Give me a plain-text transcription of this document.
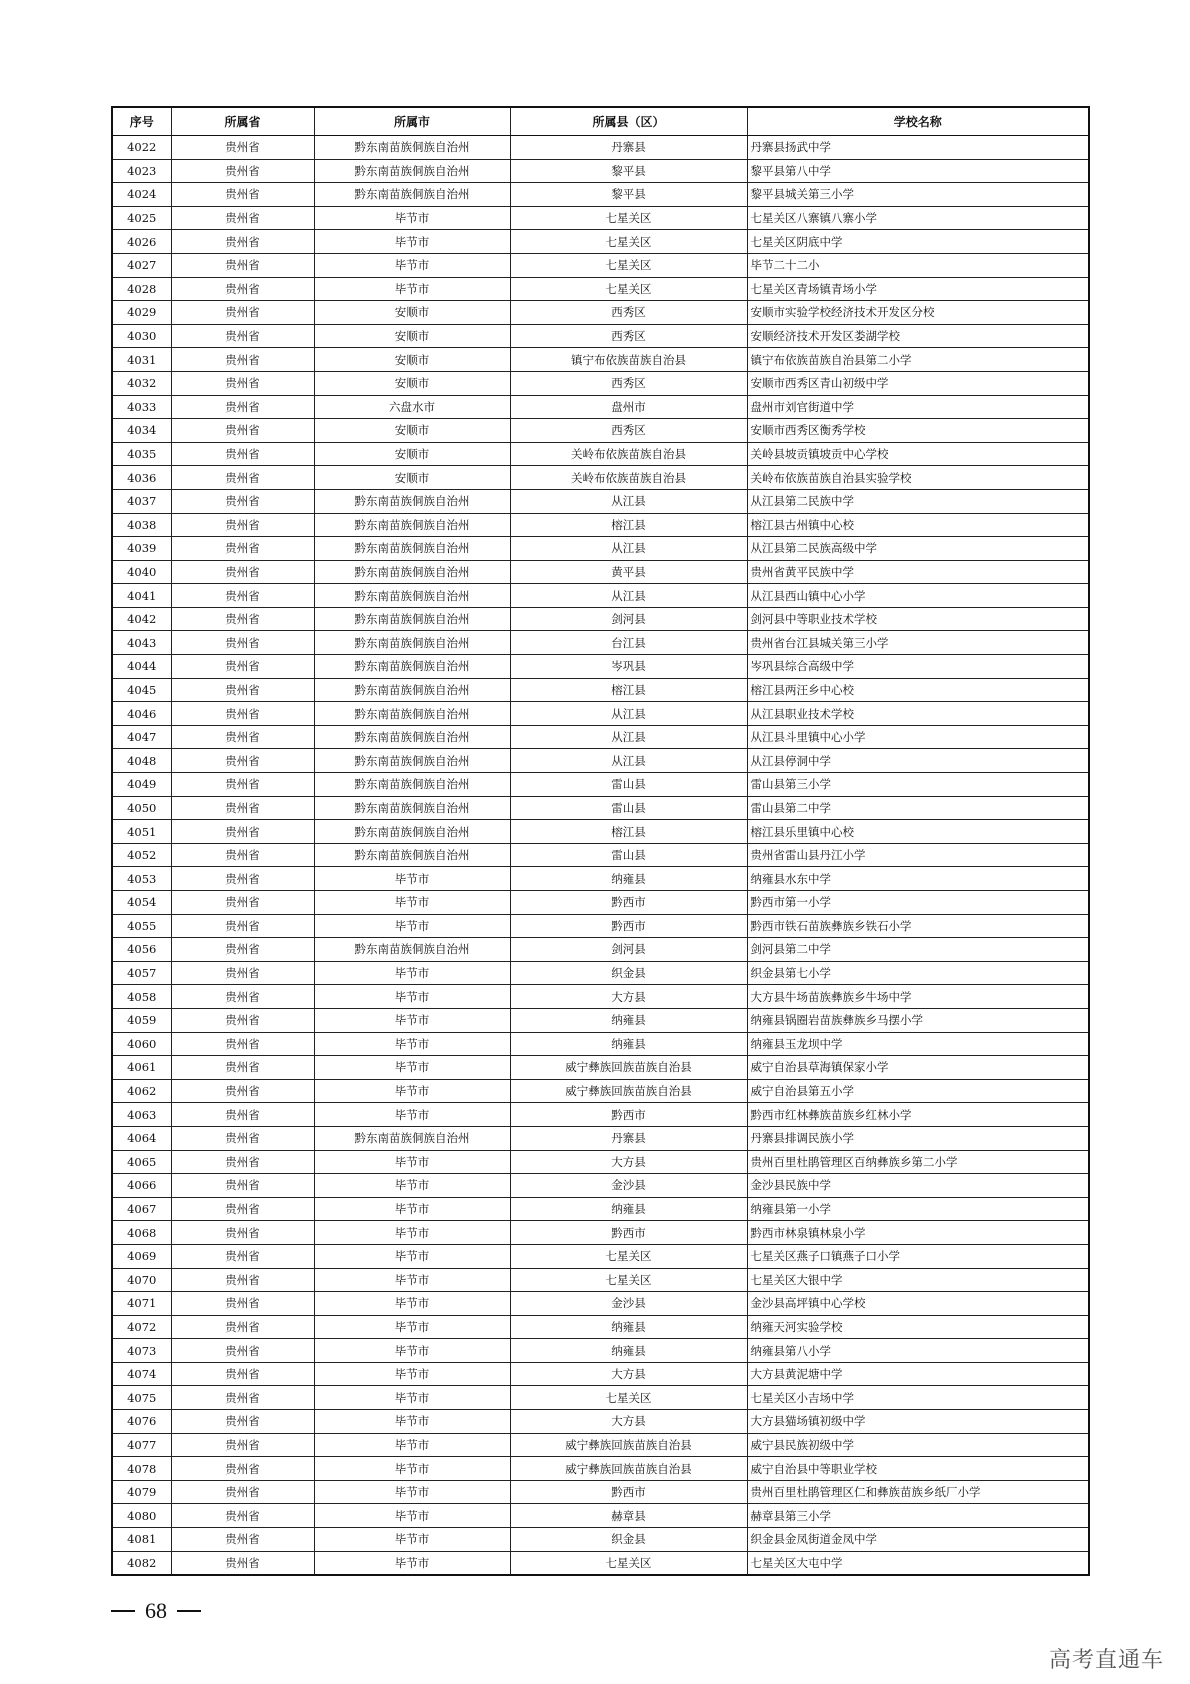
序号	所属省	所属市	所属县（区）	学校名称
4022	贵州省	黔东南苗族侗族自治州	丹寨县	丹寨县扬武中学
4023	贵州省	黔东南苗族侗族自治州	黎平县	黎平县第八中学
4024	贵州省	黔东南苗族侗族自治州	黎平县	黎平县城关第三小学
4025	贵州省	毕节市	七星关区	七星关区八寨镇八寨小学
4026	贵州省	毕节市	七星关区	七星关区阴底中学
4027	贵州省	毕节市	七星关区	毕节二十二小
4028	贵州省	毕节市	七星关区	七星关区青场镇青场小学
4029	贵州省	安顺市	西秀区	安顺市实验学校经济技术开发区分校
4030	贵州省	安顺市	西秀区	安顺经济技术开发区娄湖学校
4031	贵州省	安顺市	镇宁布依族苗族自治县	镇宁布依族苗族自治县第二小学
4032	贵州省	安顺市	西秀区	安顺市西秀区青山初级中学
4033	贵州省	六盘水市	盘州市	盘州市刘官街道中学
4034	贵州省	安顺市	西秀区	安顺市西秀区衡秀学校
4035	贵州省	安顺市	关岭布依族苗族自治县	关岭县坡贡镇坡贡中心学校
4036	贵州省	安顺市	关岭布依族苗族自治县	关岭布依族苗族自治县实验学校
4037	贵州省	黔东南苗族侗族自治州	从江县	从江县第二民族中学
4038	贵州省	黔东南苗族侗族自治州	榕江县	榕江县古州镇中心校
4039	贵州省	黔东南苗族侗族自治州	从江县	从江县第二民族高级中学
4040	贵州省	黔东南苗族侗族自治州	黄平县	贵州省黄平民族中学
4041	贵州省	黔东南苗族侗族自治州	从江县	从江县西山镇中心小学
4042	贵州省	黔东南苗族侗族自治州	剑河县	剑河县中等职业技术学校
4043	贵州省	黔东南苗族侗族自治州	台江县	贵州省台江县城关第三小学
4044	贵州省	黔东南苗族侗族自治州	岑巩县	岑巩县综合高级中学
4045	贵州省	黔东南苗族侗族自治州	榕江县	榕江县两汪乡中心校
4046	贵州省	黔东南苗族侗族自治州	从江县	从江县职业技术学校
4047	贵州省	黔东南苗族侗族自治州	从江县	从江县斗里镇中心小学
4048	贵州省	黔东南苗族侗族自治州	从江县	从江县停洞中学
4049	贵州省	黔东南苗族侗族自治州	雷山县	雷山县第三小学
4050	贵州省	黔东南苗族侗族自治州	雷山县	雷山县第二中学
4051	贵州省	黔东南苗族侗族自治州	榕江县	榕江县乐里镇中心校
4052	贵州省	黔东南苗族侗族自治州	雷山县	贵州省雷山县丹江小学
4053	贵州省	毕节市	纳雍县	纳雍县水东中学
4054	贵州省	毕节市	黔西市	黔西市第一小学
4055	贵州省	毕节市	黔西市	黔西市铁石苗族彝族乡铁石小学
4056	贵州省	黔东南苗族侗族自治州	剑河县	剑河县第二中学
4057	贵州省	毕节市	织金县	织金县第七小学
4058	贵州省	毕节市	大方县	大方县牛场苗族彝族乡牛场中学
4059	贵州省	毕节市	纳雍县	纳雍县锅圈岩苗族彝族乡马摆小学
4060	贵州省	毕节市	纳雍县	纳雍县玉龙坝中学
4061	贵州省	毕节市	威宁彝族回族苗族自治县	威宁自治县草海镇保家小学
4062	贵州省	毕节市	威宁彝族回族苗族自治县	威宁自治县第五小学
4063	贵州省	毕节市	黔西市	黔西市红林彝族苗族乡红林小学
4064	贵州省	黔东南苗族侗族自治州	丹寨县	丹寨县排调民族小学
4065	贵州省	毕节市	大方县	贵州百里杜鹃管理区百纳彝族乡第二小学
4066	贵州省	毕节市	金沙县	金沙县民族中学
4067	贵州省	毕节市	纳雍县	纳雍县第一小学
4068	贵州省	毕节市	黔西市	黔西市林泉镇林泉小学
4069	贵州省	毕节市	七星关区	七星关区燕子口镇燕子口小学
4070	贵州省	毕节市	七星关区	七星关区大银中学
4071	贵州省	毕节市	金沙县	金沙县高坪镇中心学校
4072	贵州省	毕节市	纳雍县	纳雍天河实验学校
4073	贵州省	毕节市	纳雍县	纳雍县第八小学
4074	贵州省	毕节市	大方县	大方县黄泥塘中学
4075	贵州省	毕节市	七星关区	七星关区小吉场中学
4076	贵州省	毕节市	大方县	大方县猫场镇初级中学
4077	贵州省	毕节市	威宁彝族回族苗族自治县	威宁县民族初级中学
4078	贵州省	毕节市	威宁彝族回族苗族自治县	威宁自治县中等职业学校
4079	贵州省	毕节市	黔西市	贵州百里杜鹃管理区仁和彝族苗族乡纸厂小学
4080	贵州省	毕节市	赫章县	赫章县第三小学
4081	贵州省	毕节市	织金县	织金县金凤街道金凤中学
4082	贵州省	毕节市	七星关区	七星关区大屯中学
68
高考直通车
